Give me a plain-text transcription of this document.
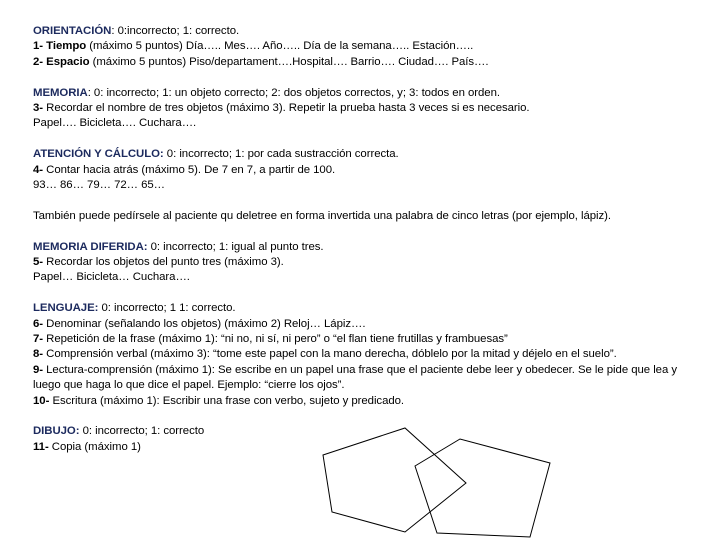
ORIENTACIÓN: 0:incorrecto; 1: correcto.
1- Tiempo (máximo 5 puntos) Día….. Mes…. Año….. Día de la semana….. Estación…..
2- Espacio (máximo 5 puntos) Piso/departament….Hospital…. Barrio…. Ciudad…. País….
MEMORIA: 0: incorrecto; 1: un objeto correcto; 2: dos objetos correctos, y; 3: todos en orden.
3- Recordar el nombre de tres objetos (máximo 3). Repetir la prueba hasta 3 veces si es necesario.
Papel…. Bicicleta…. Cuchara….
ATENCIÓN Y CÁLCULO: 0: incorrecto; 1: por cada sustracción correcta.
4- Contar hacia atrás (máximo 5). De 7 en 7, a partir de 100.
93… 86… 79… 72… 65…
También puede pedírsele al paciente qu deletree en forma invertida una palabra de cinco letras (por ejemplo, lápiz).
MEMORIA DIFERIDA: 0: incorrecto; 1: igual al punto tres.
5- Recordar los objetos del punto tres (máximo 3).
Papel… Bicicleta… Cuchara….
LENGUAJE: 0: incorrecto; 1 1: correcto.
6- Denominar (señalando los objetos) (máximo 2) Reloj… Lápiz….
7- Repetición de la frase (máximo 1): “ni no, ni sí, ni pero” o “el flan tiene frutillas y frambuesas”
8- Comprensión verbal (máximo 3): “tome este papel con la mano derecha, dóblelo por la mitad y déjelo en el suelo”.
9- Lectura-comprensión (máximo 1): Se escribe en un papel una frase que el paciente debe leer y obedecer. Se le pide que lea y luego que haga lo que dice el papel. Ejemplo: “cierre los ojos”.
10- Escritura (máximo 1): Escribir una frase con verbo, sujeto y predicado.
DIBUJO: 0: incorrecto; 1: correcto
11- Copia (máximo 1)
